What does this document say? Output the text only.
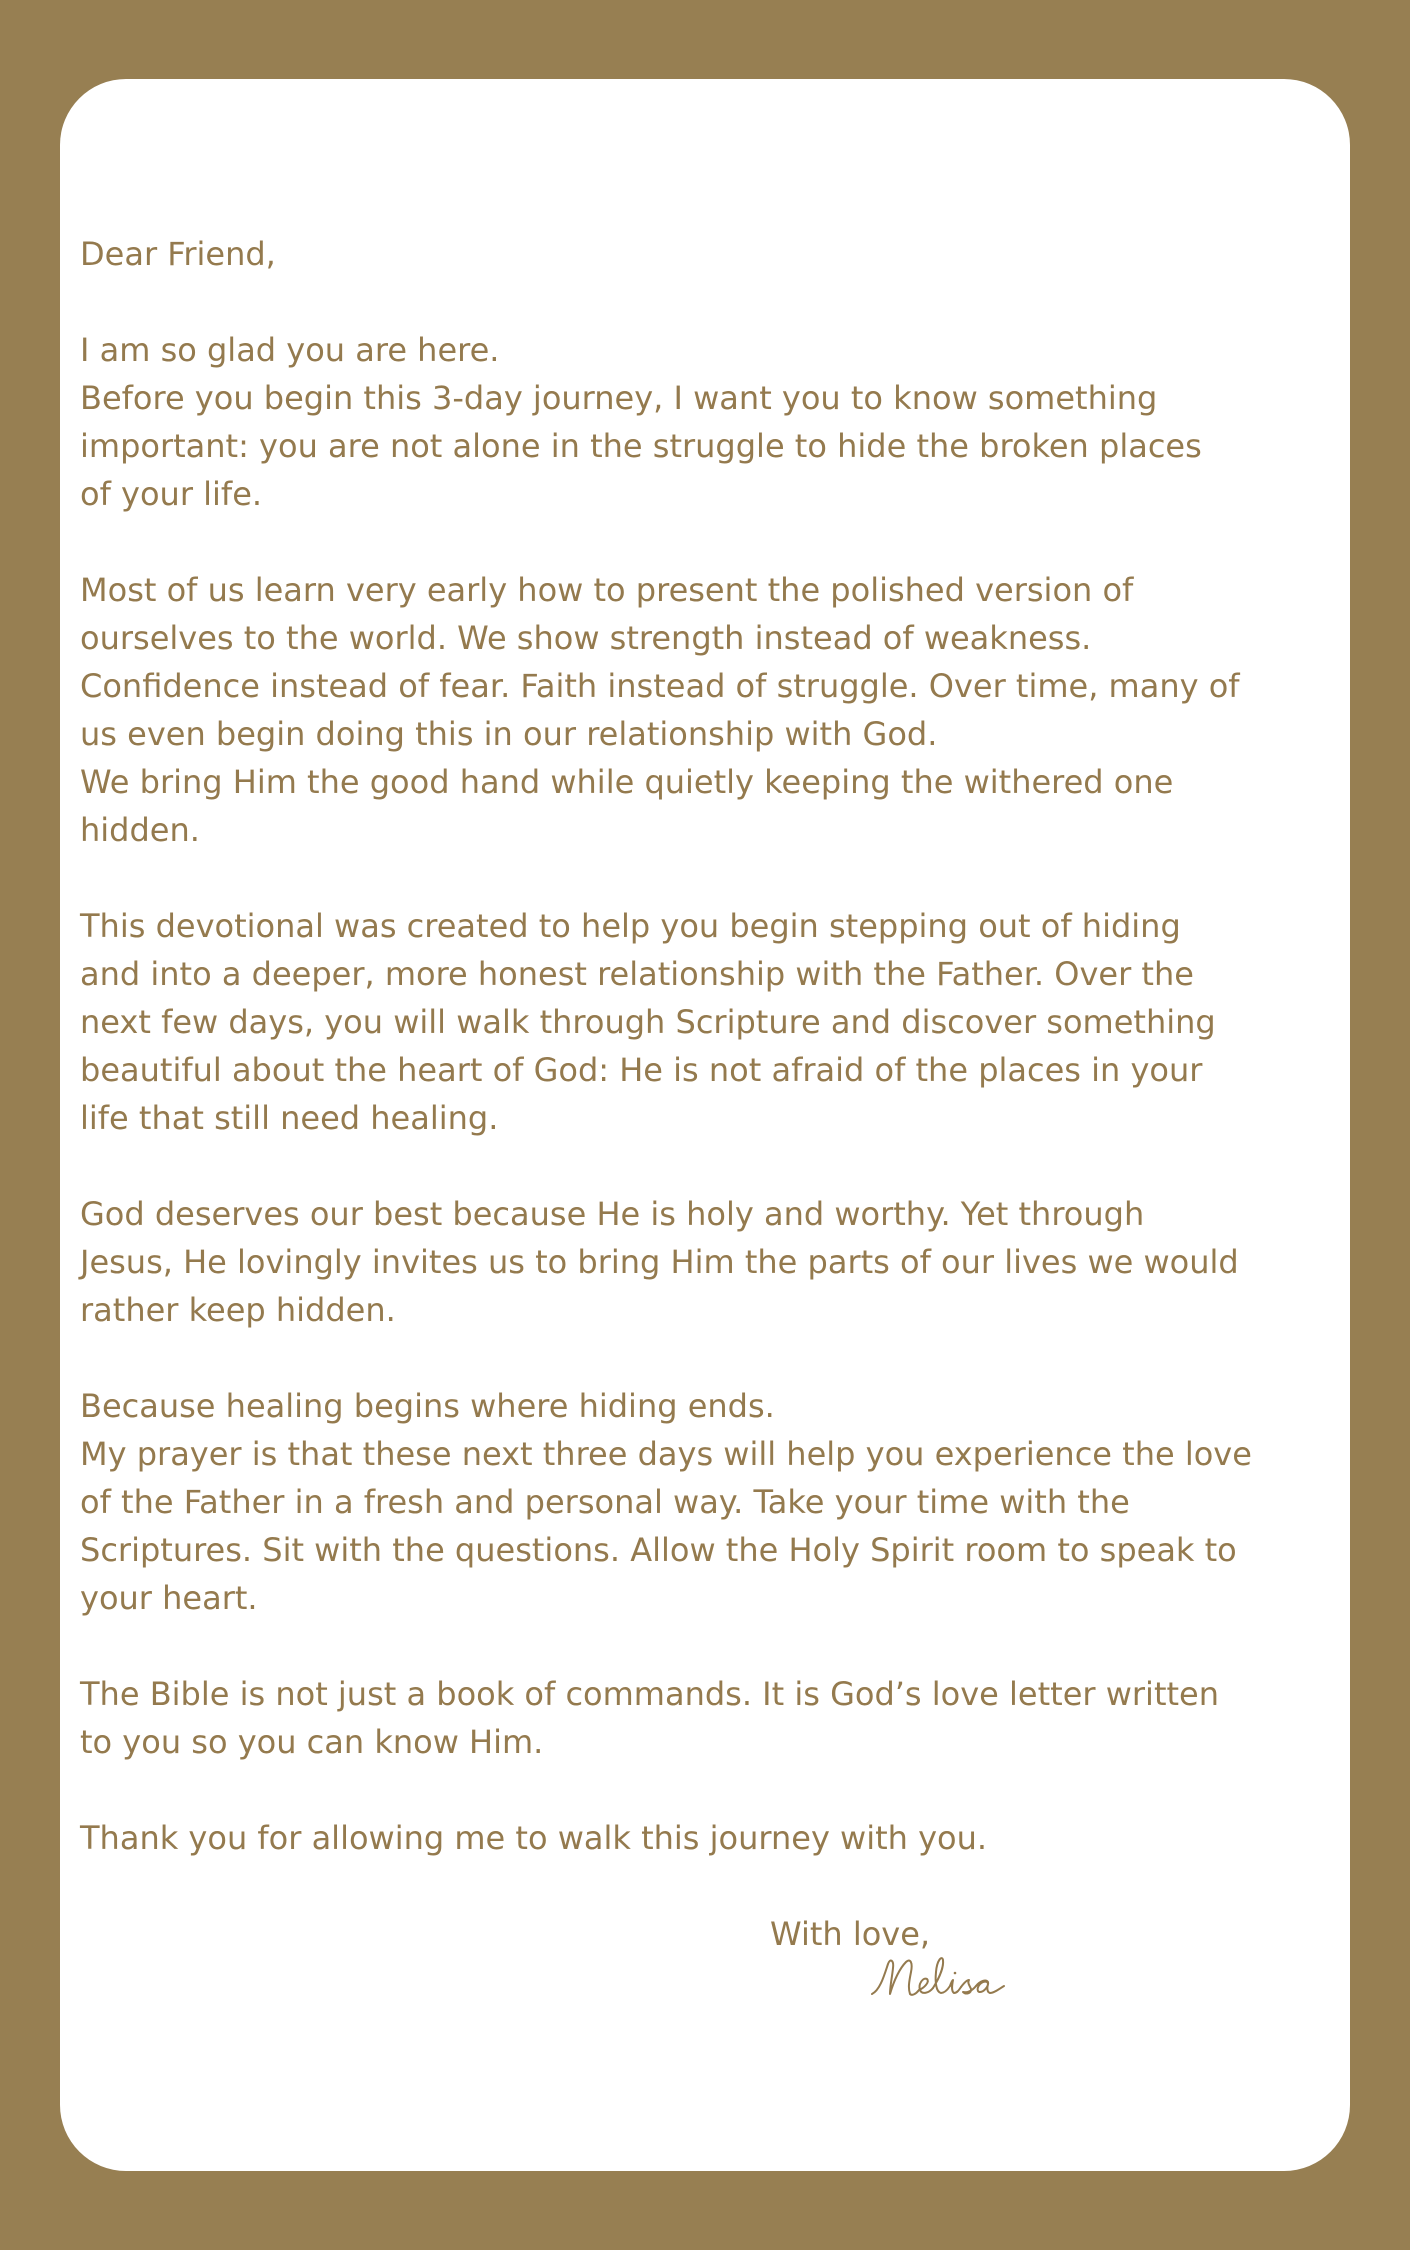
Dear Friend,

I am so glad you are here.
Before you begin this 3-day journey, I want you to know something
important: you are not alone in the struggle to hide the broken places
of your life.

Most of us learn very early how to present the polished version of
ourselves to the world. We show strength instead of weakness.
Confidence instead of fear. Faith instead of struggle. Over time, many of
us even begin doing this in our relationship with God.
We bring Him the good hand while quietly keeping the withered one
hidden.

This devotional was created to help you begin stepping out of hiding
and into a deeper, more honest relationship with the Father. Over the
next few days, you will walk through Scripture and discover something
beautiful about the heart of God: He is not afraid of the places in your
life that still need healing.

God deserves our best because He is holy and worthy. Yet through
Jesus, He lovingly invites us to bring Him the parts of our lives we would
rather keep hidden.

Because healing begins where hiding ends.
My prayer is that these next three days will help you experience the love
of the Father in a fresh and personal way. Take your time with the
Scriptures. Sit with the questions. Allow the Holy Spirit room to speak to
your heart.

The Bible is not just a book of commands. It is God’s love letter written
to you so you can know Him.

Thank you for allowing me to walk this journey with you.

With love,
